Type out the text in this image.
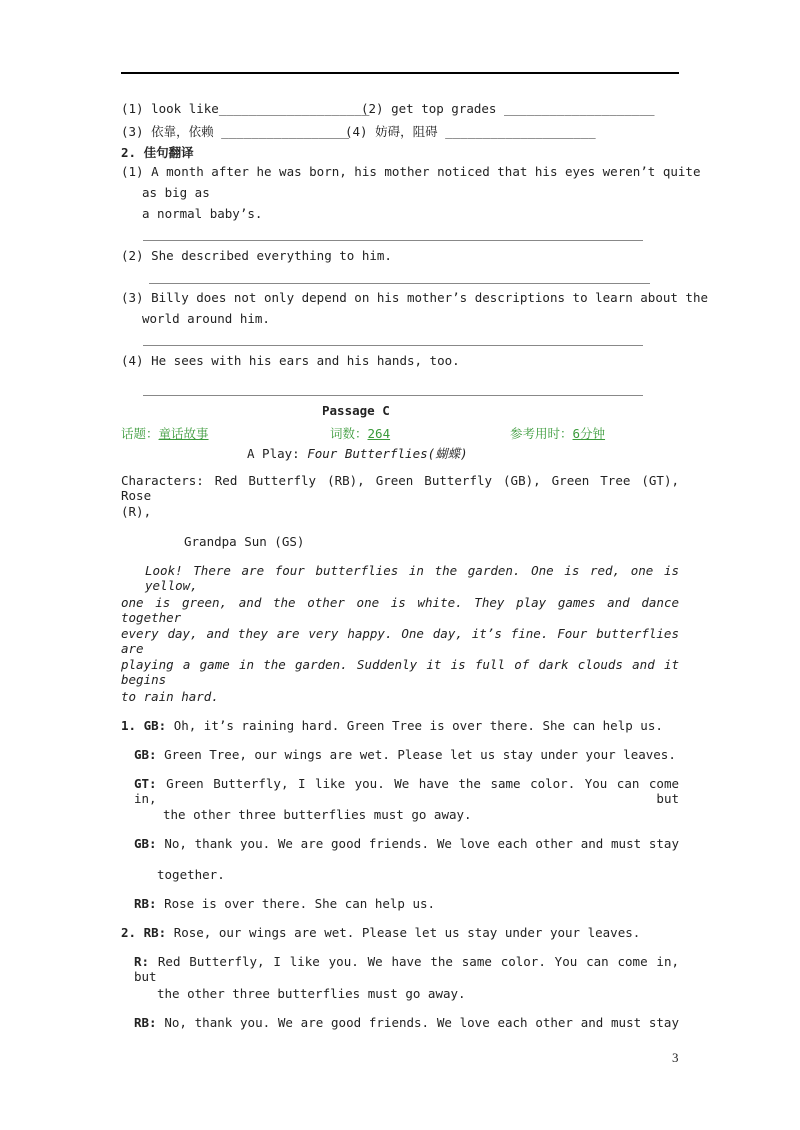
(1) look like____________________
(2) get top grades ____________________
(3) 依靠，依赖 _________________
(4) 妨碍，阻碍 ____________________
2. 佳句翻译
(1) A month after he was born, his mother noticed that his eyes weren’t quite
as big as
a normal baby’s.
(2) She described everything to him.
(3) Billy does not only depend on his mother’s descriptions to learn about the
world around him.
(4) He sees with his ears and his hands, too.
Passage C
话题：童话故事	词数：264	参考用时：6分钟
A Play: Four Butterflies(蝴蝶)
Characters: Red Butterfly (RB), Green Butterfly (GB), Green Tree (GT), Rose
(R),
Grandpa Sun (GS)
Look! There are four butterflies in the garden. One is red, one is yellow,
one is green, and the other one is white. They play games and dance together
every day, and they are very happy. One day, it’s fine. Four butterflies are
playing a game in the garden. Suddenly it is full of dark clouds and it begins
to rain hard.
1. GB: Oh, it’s raining hard. Green Tree is over there. She can help us.
GB: Green Tree, our wings are wet. Please let us stay under your leaves.
GT: Green Butterfly, I like you. We have the same color. You can come in, but
the other three butterflies must go away.
GB: No, thank you. We are good friends. We love each other and must stay
together.
RB: Rose is over there. She can help us.
2. RB: Rose, our wings are wet. Please let us stay under your leaves.
R: Red Butterfly, I like you. We have the same color. You can come in, but
the other three butterflies must go away.
RB: No, thank you. We are good friends. We love each other and must stay
3
